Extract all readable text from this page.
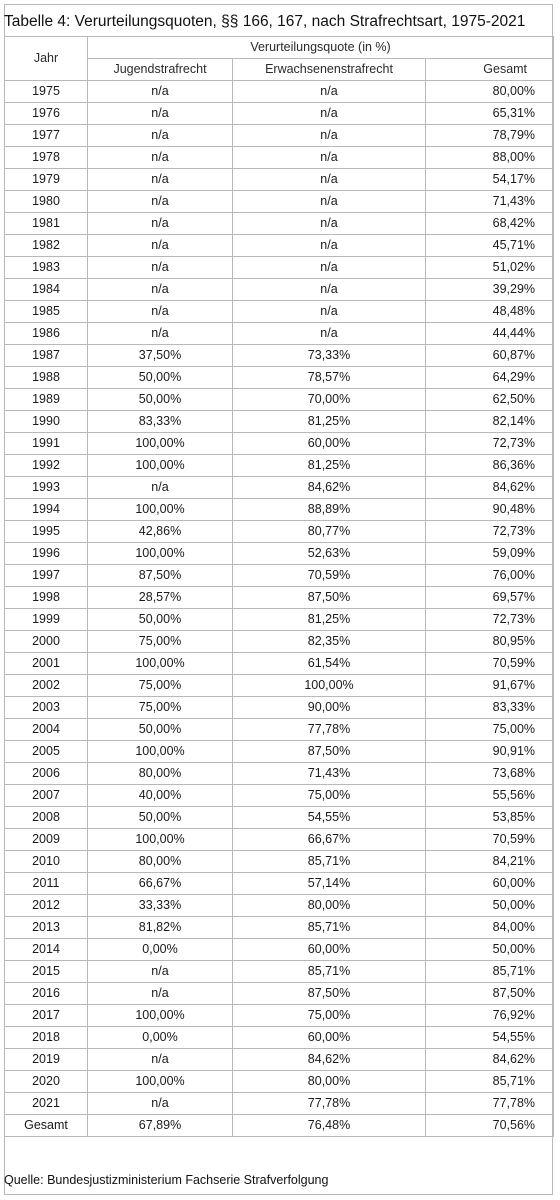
Tabelle 4: Verurteilungsquoten, §§ 166, 167, nach Strafrechtsart, 1975-2021
Jahr	Verurteilungsquote (in %)		
	Jugendstrafrecht	Erwachsenenstrafrecht	Gesamt
1975	n/a	n/a	80,00%
1976	n/a	n/a	65,31%
1977	n/a	n/a	78,79%
1978	n/a	n/a	88,00%
1979	n/a	n/a	54,17%
1980	n/a	n/a	71,43%
1981	n/a	n/a	68,42%
1982	n/a	n/a	45,71%
1983	n/a	n/a	51,02%
1984	n/a	n/a	39,29%
1985	n/a	n/a	48,48%
1986	n/a	n/a	44,44%
1987	37,50%	73,33%	60,87%
1988	50,00%	78,57%	64,29%
1989	50,00%	70,00%	62,50%
1990	83,33%	81,25%	82,14%
1991	100,00%	60,00%	72,73%
1992	100,00%	81,25%	86,36%
1993	n/a	84,62%	84,62%
1994	100,00%	88,89%	90,48%
1995	42,86%	80,77%	72,73%
1996	100,00%	52,63%	59,09%
1997	87,50%	70,59%	76,00%
1998	28,57%	87,50%	69,57%
1999	50,00%	81,25%	72,73%
2000	75,00%	82,35%	80,95%
2001	100,00%	61,54%	70,59%
2002	75,00%	100,00%	91,67%
2003	75,00%	90,00%	83,33%
2004	50,00%	77,78%	75,00%
2005	100,00%	87,50%	90,91%
2006	80,00%	71,43%	73,68%
2007	40,00%	75,00%	55,56%
2008	50,00%	54,55%	53,85%
2009	100,00%	66,67%	70,59%
2010	80,00%	85,71%	84,21%
2011	66,67%	57,14%	60,00%
2012	33,33%	80,00%	50,00%
2013	81,82%	85,71%	84,00%
2014	0,00%	60,00%	50,00%
2015	n/a	85,71%	85,71%
2016	n/a	87,50%	87,50%
2017	100,00%	75,00%	76,92%
2018	0,00%	60,00%	54,55%
2019	n/a	84,62%	84,62%
2020	100,00%	80,00%	85,71%
2021	n/a	77,78%	77,78%
Gesamt	67,89%	76,48%	70,56%
Quelle: Bundesjustizministerium Fachserie Strafverfolgung
